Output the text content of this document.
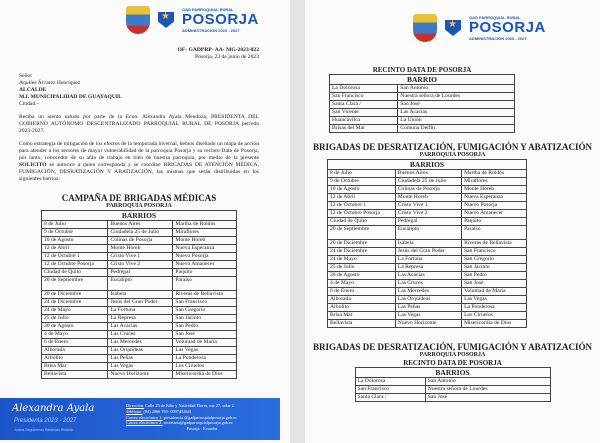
★
GAD PARROQUIAL RURAL
POSORJA
ADMINISTRACIÓN 2023 - 2027
OF- GADPRP- AA- MG-2023-022
Posorja, 23 de junio de 2023
Señor
Aquiles Álvarez Henríquez
ALCALDE
M.I. MUNICIPALIDAD DE GUAYAQUIL
Ciudad.-
Reciba un atento saludo por parte de la Econ. Alexandra Ayala Mendoza, PRESIDENTA DEL GOBIERNO AUTÓNOMO DESCENTRALIZADO PARROQUIAL RURAL DE POSORJA período 2023-2027.
Como estrategia de mitigación de los efectos de la temporada invernal, hemos diseñado un mapa de acción para atender a los sectores de mayor vulnerabilidad de la parroquia Posorja y su recinto Data de Posorja, por tanto, conocedor de su afán de trabajo en bien de nuestra parroquia, por medio de la presente SOLICITO se autorice a quien corresponda y se coordine BRIGADAS DE ATENCIÓN MÉDICA, FUMIGACIÓN, DESRATIZACIÓN Y ABATIZACIÓN, las mismas que serán distribuidas en los siguientes barrios:
CAMPAÑA DE BRIGADAS MÉDICAS
PARROQUIA POSORJA
BARRIOS		
8 de Julio	Buenos Aires	Martha de Roldós
9 de Octubre	Ciudadela 25 de Julio	Miraflores
10 de Agosto	Colinas de Posorja	Monte Horeb
12 de Abril	Monte Horeb	Nueva Esperanza
12 de Octubre 1	Cristo Vive 1	Nuevo Posorja
12 de Octubre Posorja	Cristo Vive 2	Nuevo Amanecer
Ciudad de Quito	Pedregal	Paquito
20 de Septiembre	Eucalipto	Paraíso
20 de Diciembre	Isabela	Riveras de Bellavista
24 de Diciembre	Jesús del Gran Poder	San Francisco
24 de Mayo	La Fortuna	San Gregorio
25 de Julio	La Represa	San Jacinto
30 de Agosto	Las Acacias	San Pedro
4 de Mayo	Las Cruces	San José
6 de Enero	Las Mercedes	Voluntad de María
Alborada	Las Orquídeas	Las Vegas
Arbolito	Las Peñas	La Ponderosa
Brisa Mar	Las Vegas	Los Ciruelos
Bellavista	Nuevo Horizonte	Misericordia de Dios
Alexandra Ayala
Presidenta 2023 - 2027
Juntos Seguiremos Haciendo Historia
Dirección: Calle 25 de Julio y Natividad Flores, mz 27, solar 2
Teléfono: (04) 2066 765- 0997452641
Correo electrónico 1: presidencia @gadparroquialposorja.gob.ec
Correo electrónico 2: secretaria@gadparroquialposorja.gob.ec
Posorja - Ecuador
★
GAD PARROQUIAL RURAL
POSORJA
ADMINISTRACIÓN 2023 - 2027
RECINTO DATA DE POSORJA
BARRIO	
La Dolorosa	San Antonio
San Francisco	Nuestra señora de Lourdes
Santa Clara /	San José
San Vicente	Las Acacias
Huancavilca	La Unión
Brisas del Mar	Comuna Delfín
BRIGADAS DE DESRATIZACIÓN, FUMIGACIÓN Y ABATIZACIÓN
PARROQUIA POSORJA
BARRIOS		
8 de Julio	Buenos Aires	Martha de Roldós
9 de Octubre	Ciudadela 25 de Julio	Miraflores
10 de Agosto	Colinas de Posorja	Monte Horeb
12 de Abril	Monte Horeb	Nueva Esperanza
12 de Octubre 1	Cristo Vive 1	Nuevo Posorja
12 de Octubre Posorja	Cristo Vive 2	Nuevo Amanecer
Ciudad de Quito	Pedregal	Paquito
20 de Septiembre	Eucalipto	Paraíso
20 de Diciembre	Isabela	Riveras de Bellavista
24 de Diciembre	Jesús del Gran Poder	San Francisco
24 de Mayo	La Fortuna	San Gregorio
25 de Julio	La Represa	San Jacinto
30 de Agosto	Las Acacias	San Pedro
4 de Mayo	Las Cruces	San José
6 de Enero	Las Mercedes	Voluntad de María
Alborada	Las Orquídeas	Las Vegas
Arbolito	Las Peñas	La Ponderosa
Brisa Mar	Las Vegas	Los Ciruelos
Bellavista	Nuevo Horizonte	Misericordia de Dios
BRIGADAS DE DESRATIZACIÓN, FUMIGACIÓN Y ABATIZACIÓN
PARROQUIA POSORJA
RECINTO DATA DE POSORJA
BARRIOS	
La Dolorosa	San Antonio
San Francisco	Nuestra señora de Lourdes
Santa Clara /	San José
